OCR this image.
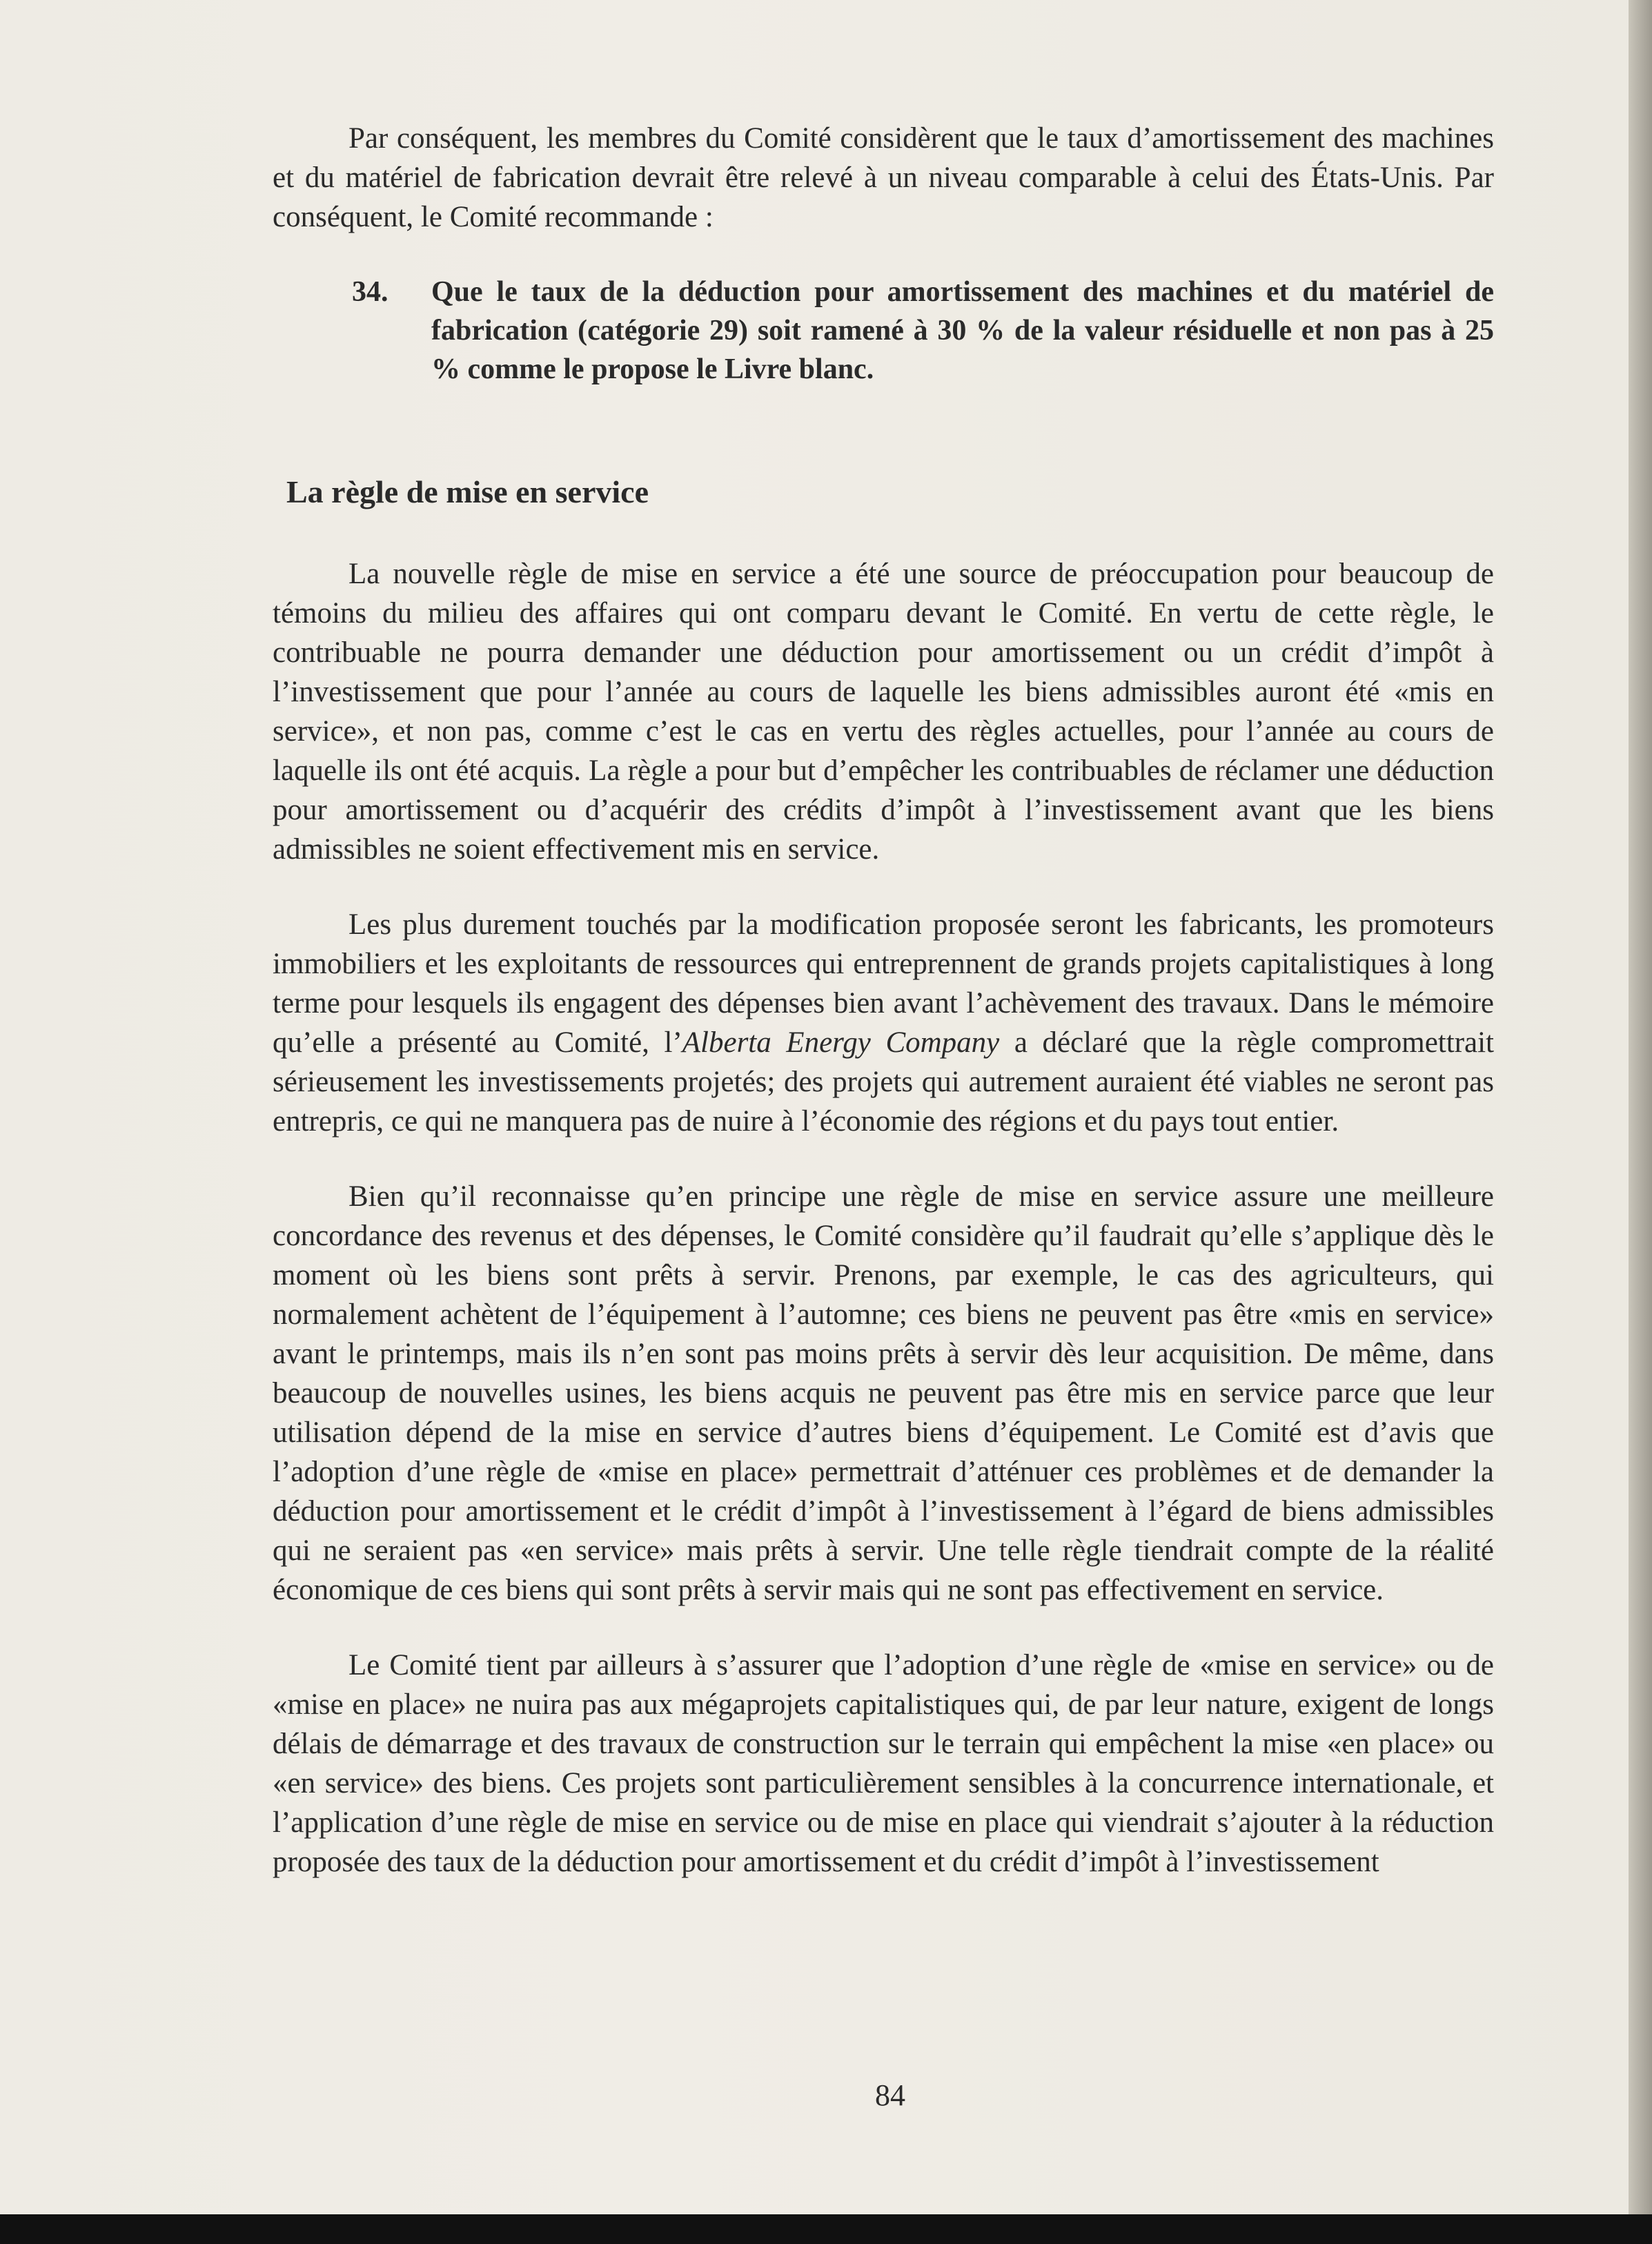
Par conséquent, les membres du Comité considèrent que le taux d’amortissement des machines et du matériel de fabrication devrait être relevé à un niveau comparable à celui des États-Unis. Par conséquent, le Comité recommande :

34.	Que le taux de la déduction pour amortissement des machines et du matériel de fabrication (catégorie 29) soit ramené à 30 % de la valeur résiduelle et non pas à 25 % comme le propose le Livre blanc.
La règle de mise en service

La nouvelle règle de mise en service a été une source de préoccupation pour beaucoup de témoins du milieu des affaires qui ont comparu devant le Comité. En vertu de cette règle, le contribuable ne pourra demander une déduction pour amortissement ou un crédit d’impôt à l’investissement que pour l’année au cours de laquelle les biens admissibles auront été «mis en service», et non pas, comme c’est le cas en vertu des règles actuelles, pour l’année au cours de laquelle ils ont été acquis. La règle a pour but d’empêcher les contribuables de réclamer une déduction pour amortissement ou d’acquérir des crédits d’impôt à l’investissement avant que les biens admissibles ne soient effectivement mis en service.

Les plus durement touchés par la modification proposée seront les fabricants, les promoteurs immobiliers et les exploitants de ressources qui entreprennent de grands projets capitalistiques à long terme pour lesquels ils engagent des dépenses bien avant l’achèvement des travaux. Dans le mémoire qu’elle a présenté au Comité, l’Alberta Energy Company a déclaré que la règle compromettrait sérieusement les investissements projetés; des projets qui autrement auraient été viables ne seront pas entrepris, ce qui ne manquera pas de nuire à l’économie des régions et du pays tout entier.

Bien qu’il reconnaisse qu’en principe une règle de mise en service assure une meilleure concordance des revenus et des dépenses, le Comité considère qu’il faudrait qu’elle s’applique dès le moment où les biens sont prêts à servir. Prenons, par exemple, le cas des agriculteurs, qui normalement achètent de l’équipement à l’automne; ces biens ne peuvent pas être «mis en service» avant le printemps, mais ils n’en sont pas moins prêts à servir dès leur acquisition. De même, dans beaucoup de nouvelles usines, les biens acquis ne peuvent pas être mis en service parce que leur utilisation dépend de la mise en service d’autres biens d’équipement. Le Comité est d’avis que l’adoption d’une règle de «mise en place» permettrait d’atténuer ces problèmes et de demander la déduction pour amortissement et le crédit d’impôt à l’investissement à l’égard de biens admissibles qui ne seraient pas «en service» mais prêts à servir. Une telle règle tiendrait compte de la réalité économique de ces biens qui sont prêts à servir mais qui ne sont pas effectivement en service.

Le Comité tient par ailleurs à s’assurer que l’adoption d’une règle de «mise en service» ou de «mise en place» ne nuira pas aux mégaprojets capitalistiques qui, de par leur nature, exigent de longs délais de démarrage et des travaux de construction sur le terrain qui empêchent la mise «en place» ou «en service» des biens. Ces projets sont particulièrement sensibles à la concurrence internationale, et l’application d’une règle de mise en service ou de mise en place qui viendrait s’ajouter à la réduction proposée des taux de la déduction pour amortissement et du crédit d’impôt à l’investissement

84
